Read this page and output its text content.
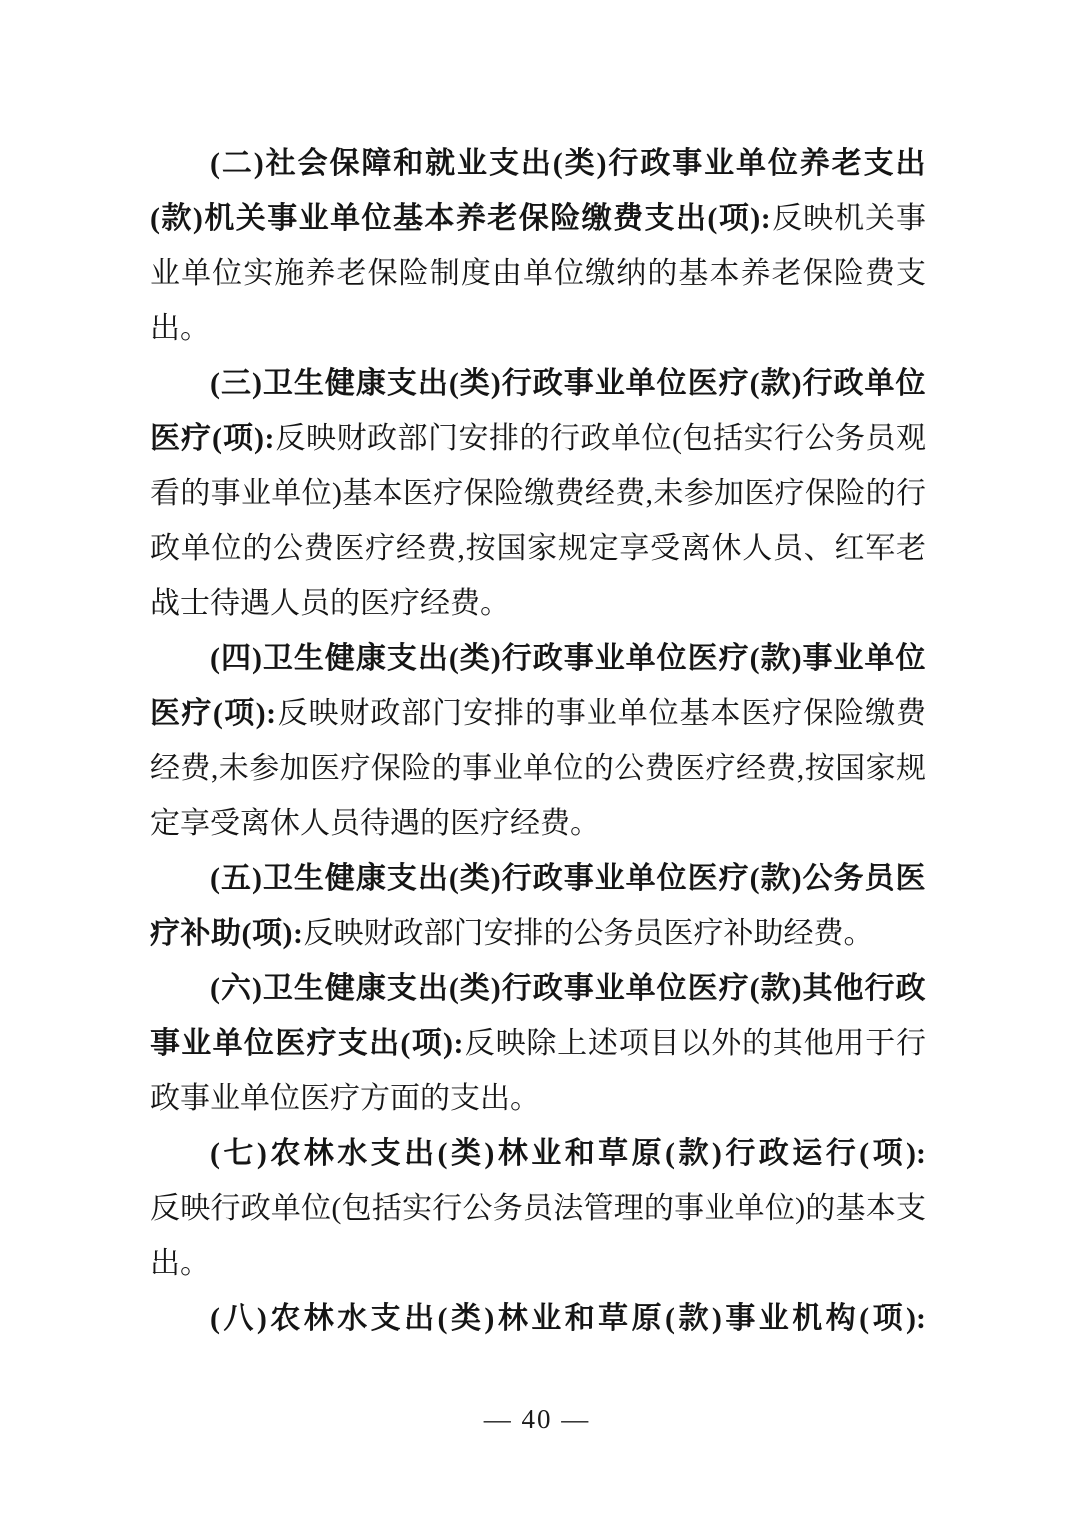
(二)社会保障和就业支出(类)行政事业单位养老支出(款)机关事业单位基本养老保险缴费支出(项):反映机关事业单位实施养老保险制度由单位缴纳的基本养老保险费支出。

(三)卫生健康支出(类)行政事业单位医疗(款)行政单位医疗(项):反映财政部门安排的行政单位(包括实行公务员观看的事业单位)基本医疗保险缴费经费,未参加医疗保险的行政单位的公费医疗经费,按国家规定享受离休人员、红军老战士待遇人员的医疗经费。

(四)卫生健康支出(类)行政事业单位医疗(款)事业单位医疗(项):反映财政部门安排的事业单位基本医疗保险缴费经费,未参加医疗保险的事业单位的公费医疗经费,按国家规定享受离休人员待遇的医疗经费。

(五)卫生健康支出(类)行政事业单位医疗(款)公务员医疗补助(项):反映财政部门安排的公务员医疗补助经费。

(六)卫生健康支出(类)行政事业单位医疗(款)其他行政事业单位医疗支出(项):反映除上述项目以外的其他用于行政事业单位医疗方面的支出。

(七)农林水支出(类)林业和草原(款)行政运行(项):

反映行政单位(包括实行公务员法管理的事业单位)的基本支出。

(八)农林水支出(类)林业和草原(款)事业机构(项):

— 40 —
